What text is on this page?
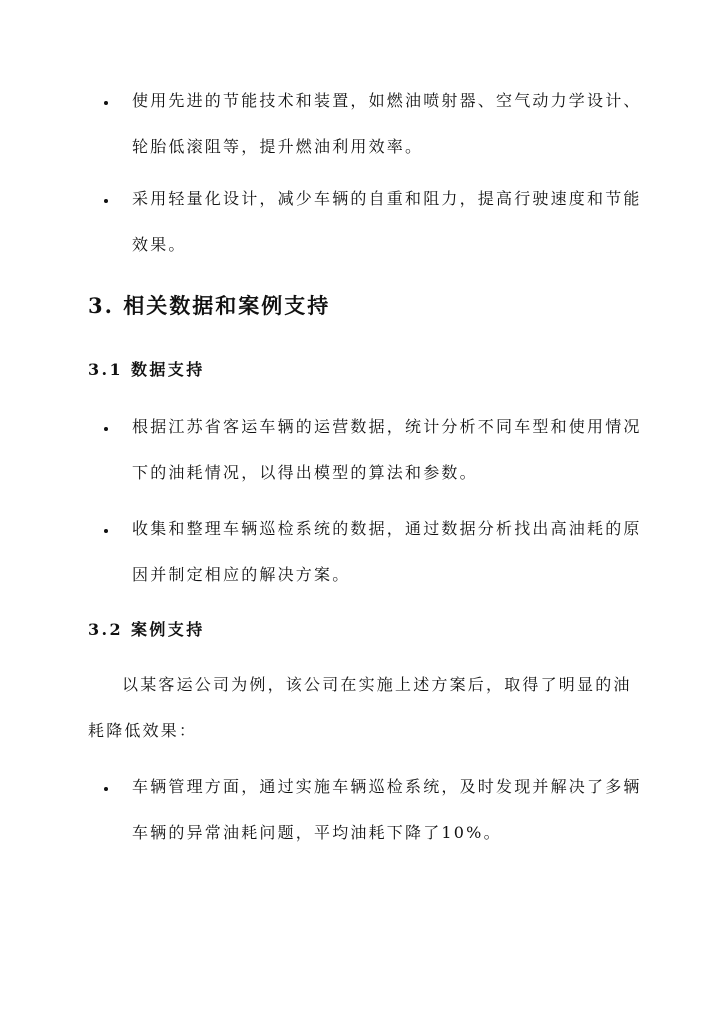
使用先进的节能技术和装置，如燃油喷射器、空气动力学设计、轮胎低滚阻等，提升燃油利用效率。
采用轻量化设计，减少车辆的自重和阻力，提高行驶速度和节能效果。
3. 相关数据和案例支持
3.1 数据支持
根据江苏省客运车辆的运营数据，统计分析不同车型和使用情况下的油耗情况，以得出模型的算法和参数。
收集和整理车辆巡检系统的数据，通过数据分析找出高油耗的原因并制定相应的解决方案。
3.2 案例支持
以某客运公司为例，该公司在实施上述方案后，取得了明显的油耗降低效果：
车辆管理方面，通过实施车辆巡检系统，及时发现并解决了多辆车辆的异常油耗问题，平均油耗下降了10%。
